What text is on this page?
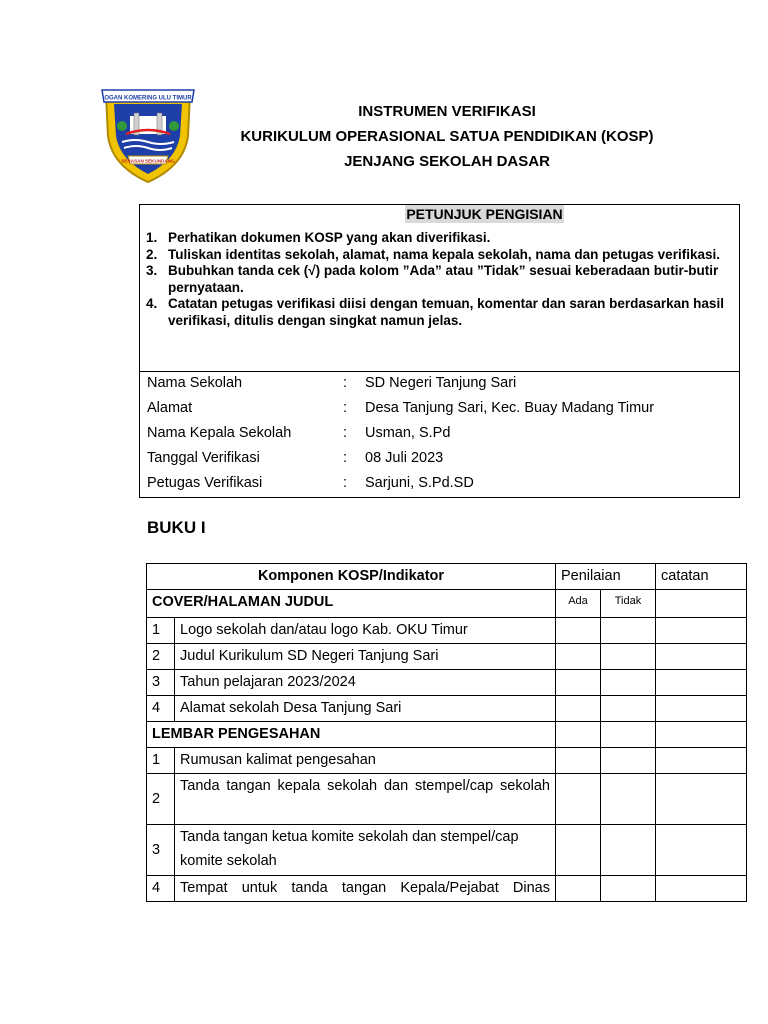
OGAN KOMERING ULU TIMUR
SERASAN SEKUNDANG
INSTRUMEN VERIFIKASI
KURIKULUM OPERASIONAL SATUA PENDIDIKAN (KOSP)
JENJANG SEKOLAH DASAR
PETUNJUK PENGISIAN
1. Perhatikan dokumen KOSP yang akan diverifikasi.
2. Tuliskan identitas sekolah, alamat, nama kepala sekolah, nama dan petugas verifikasi.
3. Bubuhkan tanda cek (√) pada kolom ”Ada” atau ”Tidak” sesuai keberadaan butir-butir pernyataan.
4. Catatan petugas verifikasi diisi dengan temuan, komentar dan saran berdasarkan hasil verifikasi, ditulis dengan singkat namun jelas.
Nama Sekolah	:	SD Negeri Tanjung Sari
Alamat	:	Desa Tanjung Sari, Kec. Buay Madang Timur
Nama Kepala Sekolah	:	Usman, S.Pd
Tanggal Verifikasi	:	08 Juli 2023
Petugas Verifikasi	:	Sarjuni, S.Pd.SD
BUKU I
Komponen KOSP/Indikator		Penilaian		catatan
COVER/HALAMAN JUDUL		Ada	Tidak	
1	Logo sekolah dan/atau logo Kab. OKU Timur			
2	Judul Kurikulum SD Negeri Tanjung Sari			
3	Tahun pelajaran 2023/2024			
4	Alamat sekolah Desa Tanjung Sari			
LEMBAR PENGESAHAN				
1	Rumusan kalimat pengesahan			
2	Tanda tangan kepala sekolah dan stempel/cap sekolah			
3	Tanda tangan ketua komite sekolah dan stempel/cap komite sekolah			
4	Tempat untuk tanda tangan Kepala/Pejabat Dinas			
